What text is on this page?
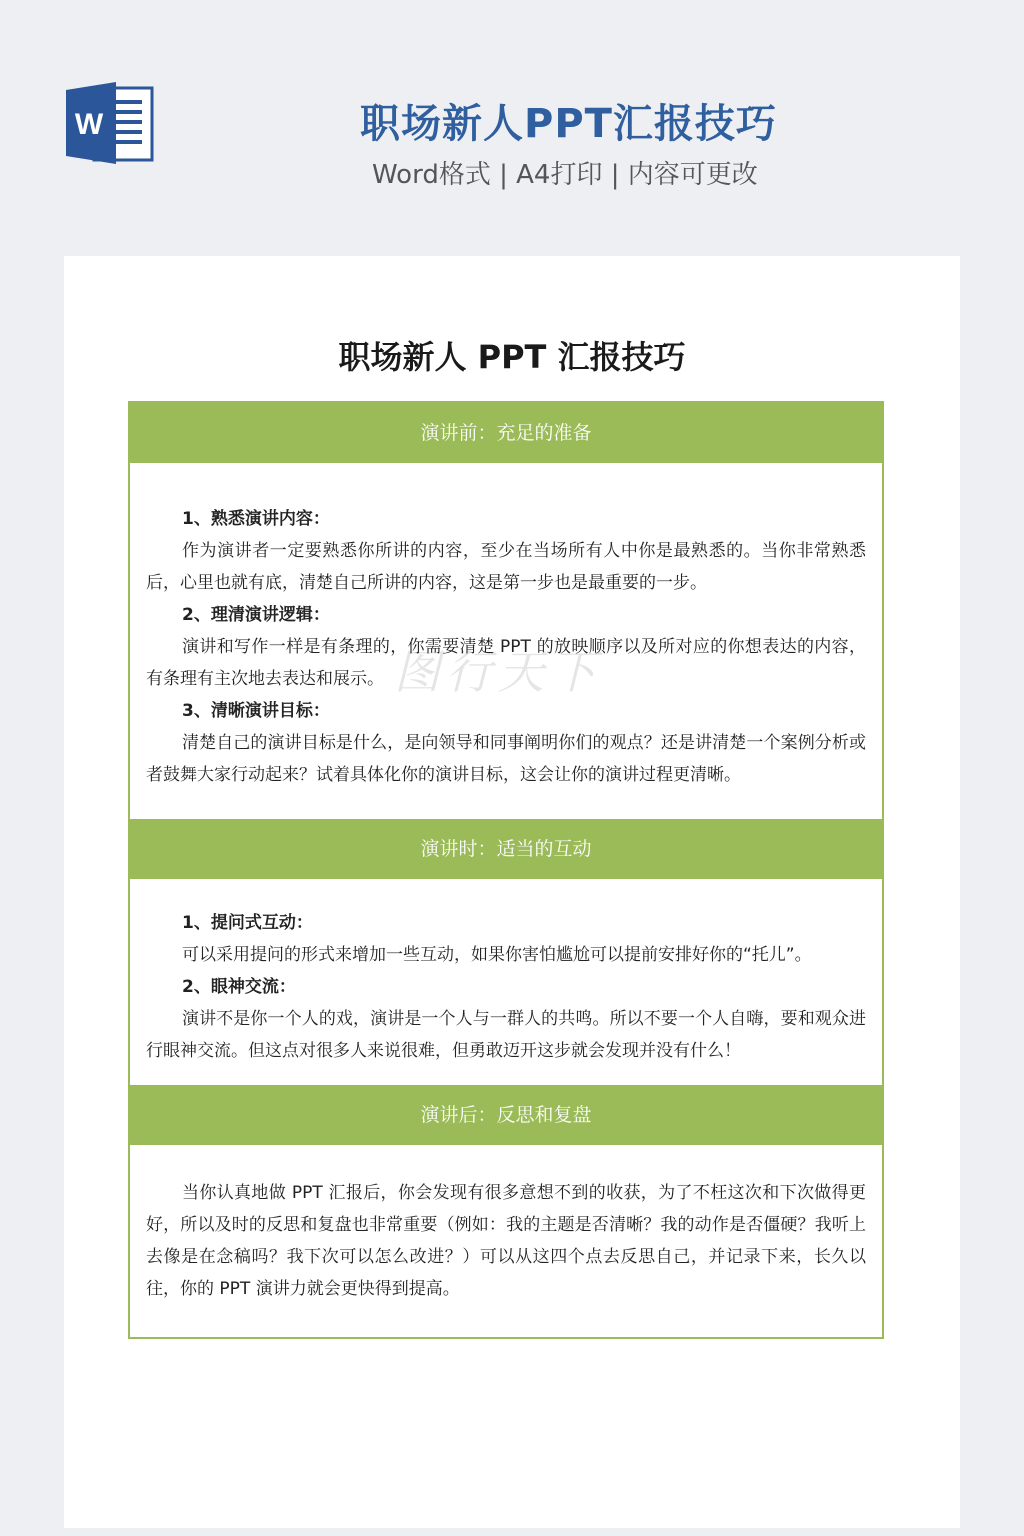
W	职场新人PPT汇报技巧
Word格式 | A4打印 | 内容可更改
职场新人 PPT 汇报技巧
图行天下
演讲前：充足的准备
1、熟悉演讲内容：

作为演讲者一定要熟悉你所讲的内容，至少在当场所有人中你是最熟悉的。当你非常熟悉后，心里也就有底，清楚自己所讲的内容，这是第一步也是最重要的一步。

2、理清演讲逻辑：

演讲和写作一样是有条理的，你需要清楚 PPT 的放映顺序以及所对应的你想表达的内容，有条理有主次地去表达和展示。

3、清晰演讲目标：

清楚自己的演讲目标是什么，是向领导和同事阐明你们的观点？还是讲清楚一个案例分析或者鼓舞大家行动起来？试着具体化你的演讲目标，这会让你的演讲过程更清晰。

演讲时：适当的互动
1、提问式互动：

可以采用提问的形式来增加一些互动，如果你害怕尴尬可以提前安排好你的“托儿”。

2、眼神交流：

演讲不是你一个人的戏，演讲是一个人与一群人的共鸣。所以不要一个人自嗨，要和观众进行眼神交流。但这点对很多人来说很难，但勇敢迈开这步就会发现并没有什么！

演讲后：反思和复盘

当你认真地做 PPT 汇报后，你会发现有很多意想不到的收获，为了不枉这次和下次做得更好，所以及时的反思和复盘也非常重要（例如：我的主题是否清晰？我的动作是否僵硬？我听上去像是在念稿吗？我下次可以怎么改进？）可以从这四个点去反思自己，并记录下来，长久以往，你的 PPT 演讲力就会更快得到提高。
